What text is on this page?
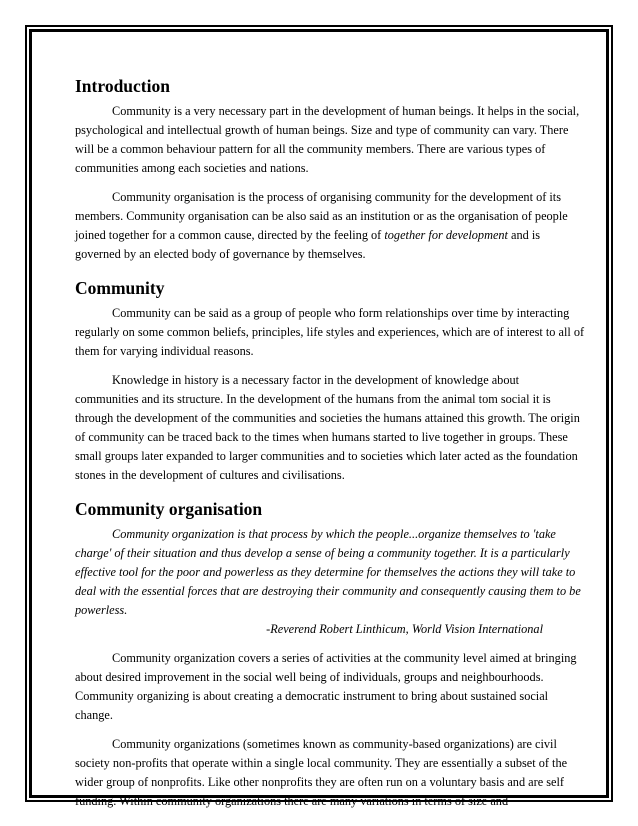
Introduction

Community is a very necessary part in the development of human beings. It helps in the social, psychological and intellectual growth of human beings. Size and type of community can vary. There will be a common behaviour pattern for all the community members. There are various types of communities among each societies and nations.

Community organisation is the process of organising community for the development of its members. Community organisation can be also said as an institution or as the organisation of people joined together for a common cause, directed by the feeling of together for development and is governed by an elected body of governance by themselves.

Community

Community can be said as a group of people who form relationships over time by interacting regularly on some common beliefs, principles, life styles and experiences, which are of interest to all of them for varying individual reasons.

Knowledge in history is a necessary factor in the development of knowledge about communities and its structure. In the development of the humans from the animal tom social it is through the development of the communities and societies the humans attained this growth. The origin of community can be traced back to the times when humans started to live together in groups. These small groups later expanded to larger communities and to societies which later acted as the foundation stones in the development of cultures and civilisations.

Community organisation

Community organization is that process by which the people...organize themselves to 'take charge' of their situation and thus develop a sense of being a community together. It is a particularly effective tool for the poor and powerless as they determine for themselves the actions they will take to deal with the essential forces that are destroying their community and consequently causing them to be powerless.

-Reverend Robert Linthicum, World Vision International

Community organization covers a series of activities at the community level aimed at bringing about desired improvement in the social well being of individuals, groups and neighbourhoods. Community organizing is about creating a democratic instrument to bring about sustained social change.

Community organizations (sometimes known as community-based organizations) are civil society non-profits that operate within a single local community. They are essentially a subset of the wider group of nonprofits. Like other nonprofits they are often run on a voluntary basis and are self funding. Within community organizations there are many variations in terms of size and
